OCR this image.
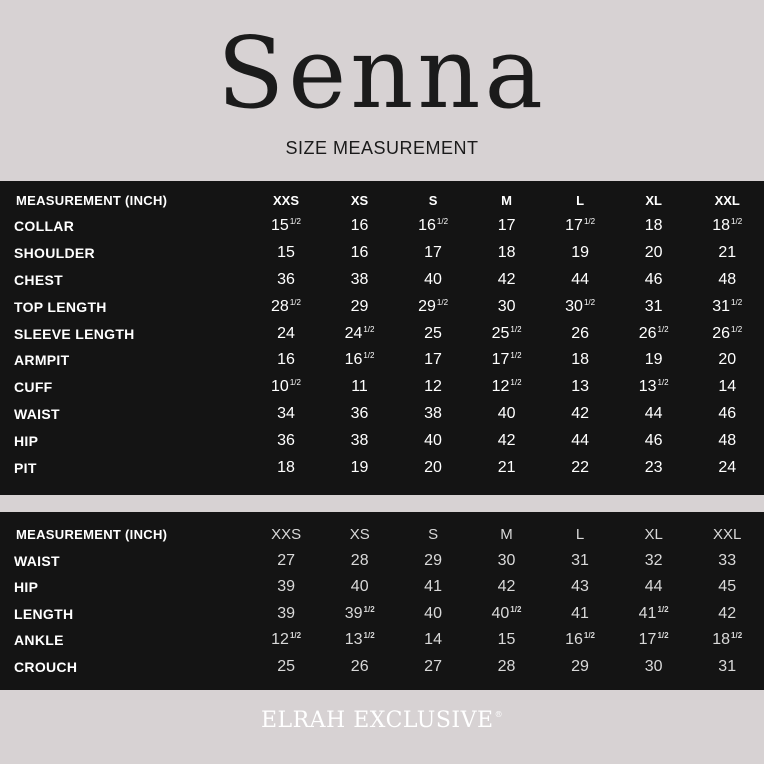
Senna
SIZE MEASUREMENT
MEASUREMENT (INCH)	XXS	XS	S	M	L	XL	XXL
COLLAR	$15^{1/2}$	16	$16^{1/2}$	17	$17^{1/2}$	18	$18^{1/2}$
SHOULDER	15	16	17	18	19	20	21
CHEST	36	38	40	42	44	46	48
TOP LENGTH	$28^{1/2}$	29	$29^{1/2}$	30	$30^{1/2}$	31	$31^{1/2}$
SLEEVE LENGTH	24	$24^{1/2}$	25	$25^{1/2}$	26	$26^{1/2}$	$26^{1/2}$
ARMPIT	16	$16^{1/2}$	17	$17^{1/2}$	18	19	20
CUFF	$10^{1/2}$	11	12	$12^{1/2}$	13	$13^{1/2}$	14
WAIST	34	36	38	40	42	44	46
HIP	36	38	40	42	44	46	48
PIT	18	19	20	21	22	23	24
MEASUREMENT (INCH)	XXS	XS	S	M	L	XL	XXL
WAIST	27	28	29	30	31	32	33
HIP	39	40	41	42	43	44	45
LENGTH	39	$39^{1/2}$	40	$40^{1/2}$	41	$41^{1/2}$	42
ANKLE	$12^{1/2}$	$13^{1/2}$	14	15	$16^{1/2}$	$17^{1/2}$	$18^{1/2}$
CROUCH	25	26	27	28	29	30	31
ELRAH EXCLUSIVE®
